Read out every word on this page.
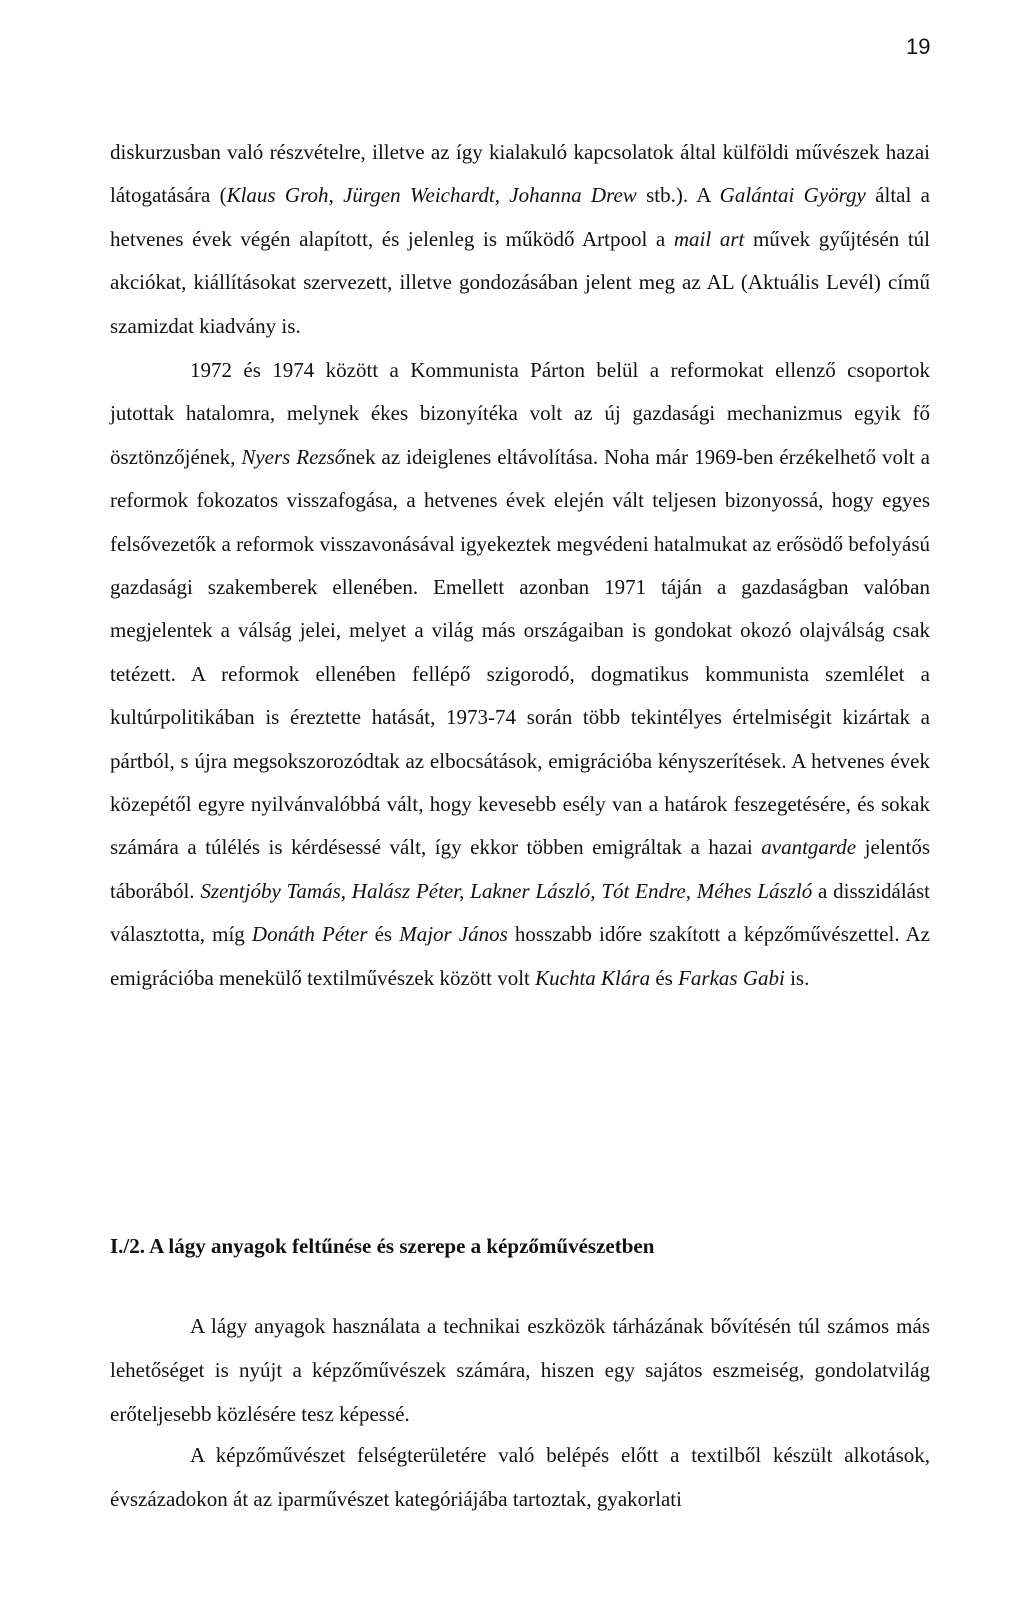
19

diskurzusban való részvételre, illetve az így kialakuló kapcsolatok által külföldi művészek hazai látogatására (Klaus Groh, Jürgen Weichardt, Johanna Drew stb.). A Galántai György által a hetvenes évek végén alapított, és jelenleg is működő Artpool a mail art művek gyűjtésén túl akciókat, kiállításokat szervezett, illetve gondozásában jelent meg az AL (Aktuális Levél) című szamizdat kiadvány is.

1972 és 1974 között a Kommunista Párton belül a reformokat ellenző csoportok jutottak hatalomra, melynek ékes bizonyítéka volt az új gazdasági mechanizmus egyik fő ösztönzőjének, Nyers Rezsőnek az ideiglenes eltávolítása. Noha már 1969-ben érzékelhető volt a reformok fokozatos visszafogása, a hetvenes évek elején vált teljesen bizonyossá, hogy egyes felsővezetők a reformok visszavonásával igyekeztek megvédeni hatalmukat az erősödő befolyású gazdasági szakemberek ellenében. Emellett azonban 1971 táján a gazdaságban valóban megjelentek a válság jelei, melyet a világ más országaiban is gondokat okozó olajválság csak tetézett. A reformok ellenében fellépő szigorodó, dogmatikus kommunista szemlélet a kultúrpolitikában is éreztette hatását, 1973-74 során több tekintélyes értelmiségit kizártak a pártból, s újra megsokszorozódtak az elbocsátások, emigrációba kényszerítések. A hetvenes évek közepétől egyre nyilvánvalóbbá vált, hogy kevesebb esély van a határok feszegetésére, és sokak számára a túlélés is kérdésessé vált, így ekkor többen emigráltak a hazai avantgarde jelentős táborából. Szentjóby Tamás, Halász Péter, Lakner László, Tót Endre, Méhes László a disszidálást választotta, míg Donáth Péter és Major János hosszabb időre szakított a képzőművészettel. Az emigrációba menekülő textilművészek között volt Kuchta Klára és Farkas Gabi is.

I./2. A lágy anyagok feltűnése és szerepe a képzőművészetben

A lágy anyagok használata a technikai eszközök tárházának bővítésén túl számos más lehetőséget is nyújt a képzőművészek számára, hiszen egy sajátos eszmeiség, gondolatvilág erőteljesebb közlésére tesz képessé.

A képzőművészet felségterületére való belépés előtt a textilből készült alkotások, évszázadokon át az iparművészet kategóriájába tartoztak, gyakorlati
